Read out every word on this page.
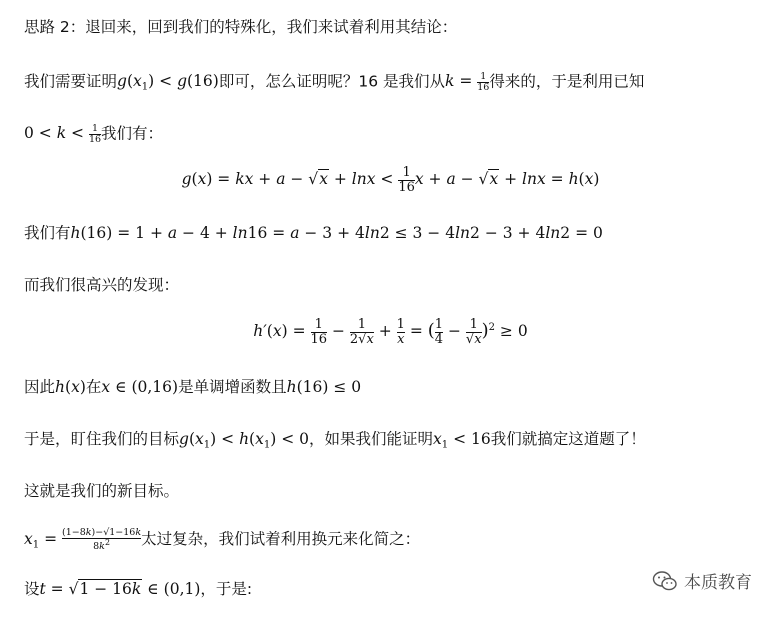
思路 2：退回来，回到我们的特殊化，我们来试着利用其结论：
我们需要证明$g(x_1) < g(16)$即可，怎么证明呢？16 是我们从$k = \frac{1}{16}$ 得来的，于是利用已知
$0 < k < \frac{1}{16}$ 我们有：
g(x) = kx + $a - √x + \ln x < \frac{1}{16}$ x + a − √x + lnx = h(x)
我们有h(16) = 1 + a − 4 + ln16 = a − 3 + 4ln2 ≤ 3 − 4ln2 − 3 + 4ln2 = 0
而我们很高兴的发现：
$h'(x) = \frac{1}{16} - \frac{1}{2√x} + \frac{1}{x}$ = ( $\frac{1}{4} - \frac{1}{√x} )^2 \ge 0$
因此h(x)在x ∈ (0,16)是单调增函数且h(16) ≤ 0
于是，盯住我们的目标$g(x_1) < h(x_1) < 0$，如果我们能证明$x_1 < 16$我们就搞定这道题了！
这就是我们的新目标。
$x_1 = \frac{(1-8k)-√1-16k}{8k^2}$ 太过复杂，我们试着利用换元来化简之：
设t = √1 − 16k ∈ (0,1)，于是:	本质教育
